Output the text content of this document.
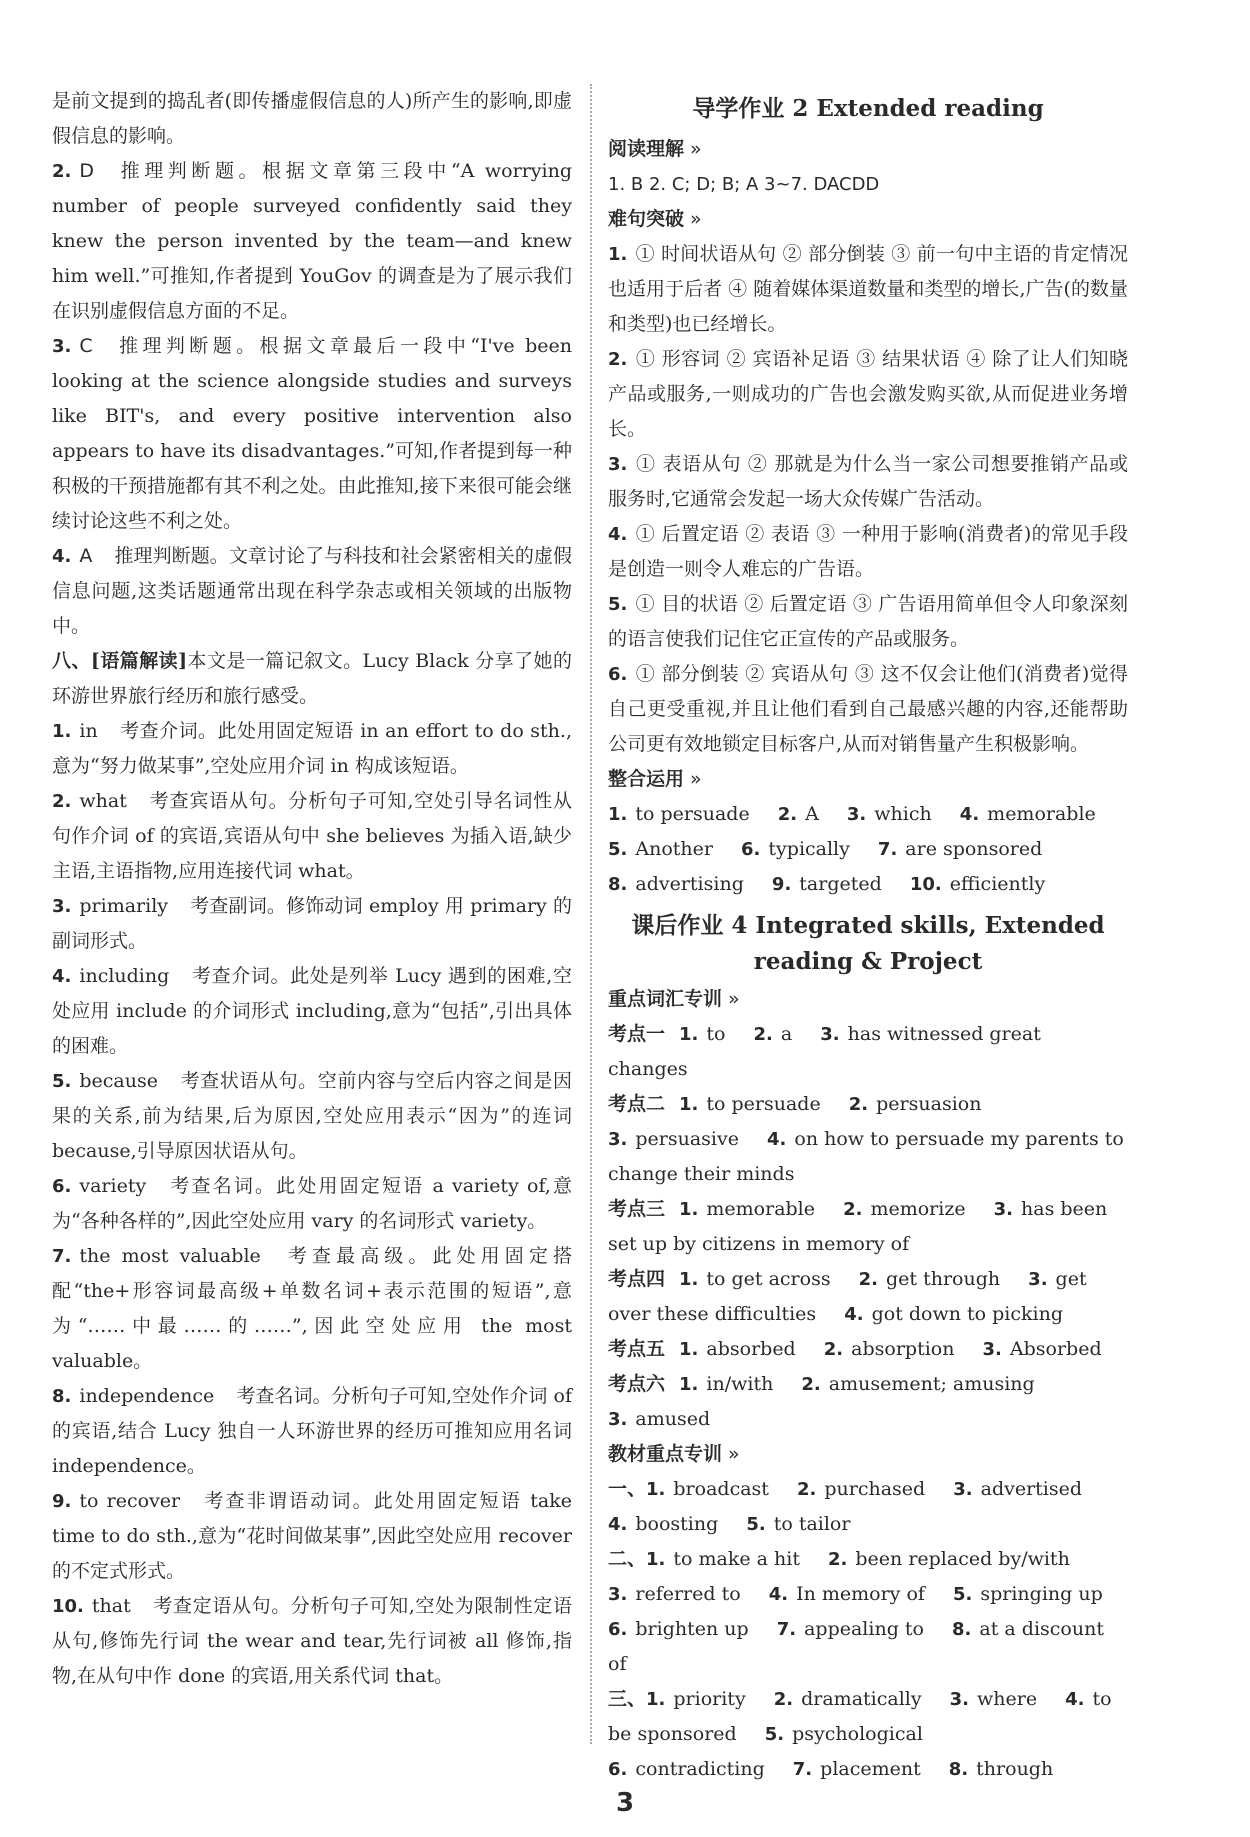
是前文提到的捣乱者(即传播虚假信息的人)所产生的影响,即虚假信息的影响。
2. D 推理判断题。根据文章第三段中“A worrying number of people surveyed confidently said they knew the person invented by the team—and knew him well.”可推知,作者提到 YouGov 的调查是为了展示我们在识别虚假信息方面的不足。
3. C 推理判断题。根据文章最后一段中“I've been looking at the science alongside studies and surveys like BIT's, and every positive intervention also appears to have its disadvantages.”可知,作者提到每一种积极的干预措施都有其不利之处。由此推知,接下来很可能会继续讨论这些不利之处。
4. A 推理判断题。文章讨论了与科技和社会紧密相关的虚假信息问题,这类话题通常出现在科学杂志或相关领域的出版物中。
八、[语篇解读]本文是一篇记叙文。Lucy Black 分享了她的环游世界旅行经历和旅行感受。
1. in 考查介词。此处用固定短语 in an effort to do sth.,意为“努力做某事”,空处应用介词 in 构成该短语。
2. what 考查宾语从句。分析句子可知,空处引导名词性从句作介词 of 的宾语,宾语从句中 she believes 为插入语,缺少主语,主语指物,应用连接代词 what。
3. primarily 考查副词。修饰动词 employ 用 primary 的副词形式。
4. including 考查介词。此处是列举 Lucy 遇到的困难,空处应用 include 的介词形式 including,意为“包括”,引出具体的困难。
5. because 考查状语从句。空前内容与空后内容之间是因果的关系,前为结果,后为原因,空处应用表示“因为”的连词 because,引导原因状语从句。
6. variety 考查名词。此处用固定短语 a variety of,意为“各种各样的”,因此空处应用 vary 的名词形式 variety。
7. the most valuable 考查最高级。此处用固定搭配“the+形容词最高级+单数名词+表示范围的短语”,意为“……中最……的……”,因此空处应用 the most valuable。
8. independence 考查名词。分析句子可知,空处作介词 of 的宾语,结合 Lucy 独自一人环游世界的经历可推知应用名词 independence。
9. to recover 考查非谓语动词。此处用固定短语 take time to do sth.,意为“花时间做某事”,因此空处应用 recover 的不定式形式。
10. that 考查定语从句。分析句子可知,空处为限制性定语从句,修饰先行词 the wear and tear,先行词被 all 修饰,指物,在从句中作 done 的宾语,用关系代词 that。
导学作业 2 Extended reading
阅读理解 »
1. B 2. C; D; B; A 3~7. DACDD
难句突破 »
1. ① 时间状语从句 ② 部分倒装 ③ 前一句中主语的肯定情况也适用于后者 ④ 随着媒体渠道数量和类型的增长,广告(的数量和类型)也已经增长。
2. ① 形容词 ② 宾语补足语 ③ 结果状语 ④ 除了让人们知晓产品或服务,一则成功的广告也会激发购买欲,从而促进业务增长。
3. ① 表语从句 ② 那就是为什么当一家公司想要推销产品或服务时,它通常会发起一场大众传媒广告活动。
4. ① 后置定语 ② 表语 ③ 一种用于影响(消费者)的常见手段是创造一则令人难忘的广告语。
5. ① 目的状语 ② 后置定语 ③ 广告语用简单但令人印象深刻的语言使我们记住它正宣传的产品或服务。
6. ① 部分倒装 ② 宾语从句 ③ 这不仅会让他们(消费者)觉得自己更受重视,并且让他们看到自己最感兴趣的内容,还能帮助公司更有效地锁定目标客户,从而对销售量产生积极影响。
整合运用 »
1. to persuade 2. A 3. which 4. memorable 5. Another 6. typically 7. are sponsored 8. advertising 9. targeted 10. efficiently
课后作业 4 Integrated skills, Extended
reading & Project
重点词汇专训 »
考点一 1. to 2. a 3. has witnessed great changes
考点二 1. to persuade 2. persuasion 3. persuasive 4. on how to persuade my parents to change their minds
考点三 1. memorable 2. memorize 3. has been set up by citizens in memory of
考点四 1. to get across 2. get through 3. get over these difficulties 4. got down to picking
考点五 1. absorbed 2. absorption 3. Absorbed
考点六 1. in/with 2. amusement; amusing 3. amused
教材重点专训 »
一、1. broadcast 2. purchased 3. advertised 4. boosting 5. to tailor
二、1. to make a hit 2. been replaced by/with 3. referred to 4. In memory of 5. springing up 6. brighten up 7. appealing to 8. at a discount of
三、1. priority 2. dramatically 3. where 4. to be sponsored 5. psychological 6. contradicting 7. placement 8. through
3
